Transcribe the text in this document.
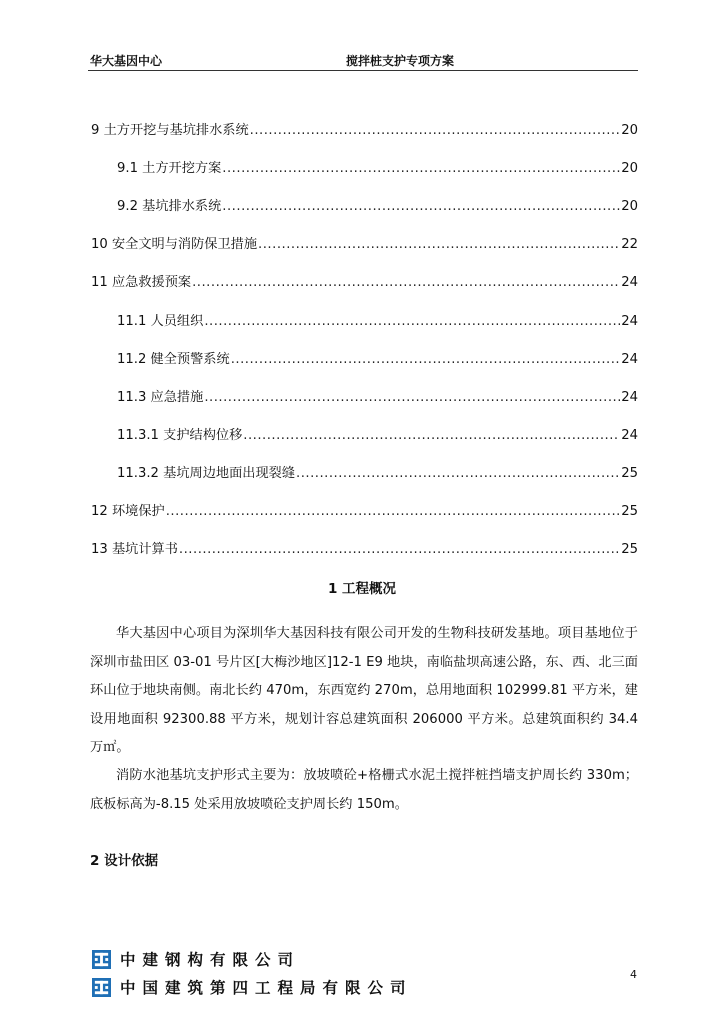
华大基因中心	搅拌桩支护专项方案
9 土方开挖与基坑排水系统 .....	20
9.1 土方开挖方案 .....	20
9.2 基坑排水系统 .....	20
10 安全文明与消防保卫措施 .....	22
11 应急救援预案 .....	24
11.1 人员组织 .....	24
11.2 健全预警系统 .....	24
11.3 应急措施 .....	24
11.3.1 支护结构位移 .....	24
11.3.2 基坑周边地面出现裂缝 .....	25
12 环境保护 .....	25
13 基坑计算书 .....	25
1 工程概况
华大基因中心项目为深圳华大基因科技有限公司开发的生物科技研发基地。项目基地位于深圳市盐田区 03-01 号片区[大梅沙地区]12-1 E9 地块，南临盐坝高速公路，东、西、北三面环山位于地块南侧。南北长约 470m，东西宽约 270m，总用地面积 102999.81 平方米，建设用地面积 92300.88 平方米，规划计容总建筑面积 206000 平方米。总建筑面积约 34.4 万㎡。
消防水池基坑支护形式主要为：放坡喷砼+格栅式水泥土搅拌桩挡墙支护周长约 330m；底板标高为-8.15 处采用放坡喷砼支护周长约 150m。
2 设计依据
中建钢构有限公司
中国建筑第四工程局有限公司
4
